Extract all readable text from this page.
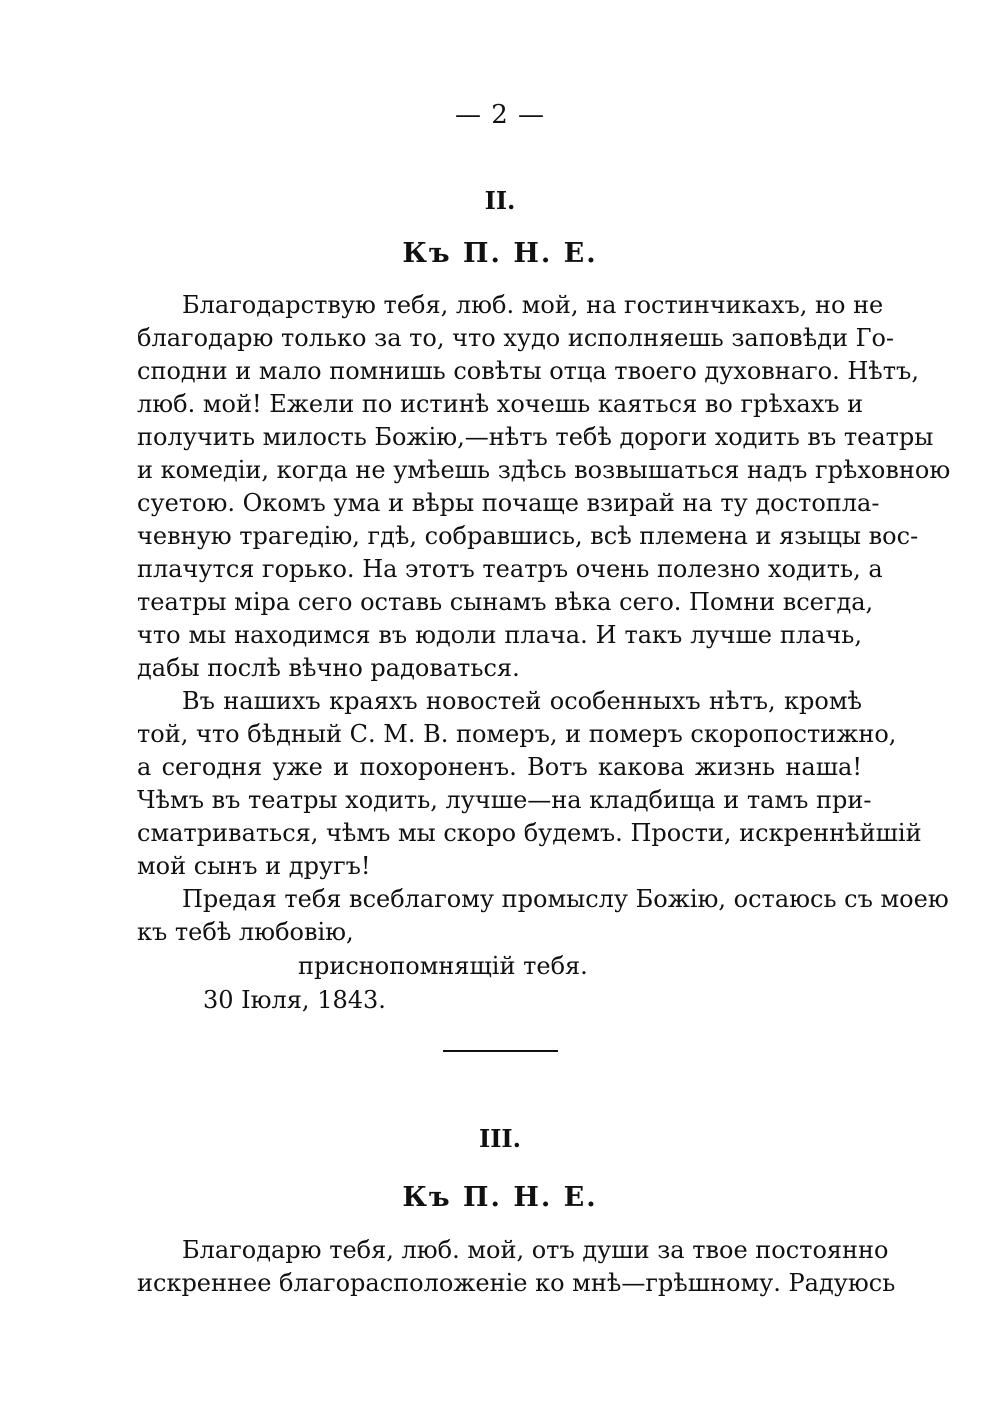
— 2 —
II.
Къ П. Н. Е.
Благодарствую тебя, люб. мой, на гостинчикахъ, но не
благодарю только за то, что худо исполняешь заповѣди Го-
сподни и мало помнишь совѣты отца твоего духовнаго. Нѣтъ,
люб. мой! Ежели по истинѣ хочешь каяться во грѣхахъ и
получить милость Божію,—нѣтъ тебѣ дороги ходить въ театры
и комедіи, когда не умѣешь здѣсь возвышаться надъ грѣховною
суетою. Окомъ ума и вѣры почаще взирай на ту достопла-
чевную трагедію, гдѣ, собравшись, всѣ племена и языцы вос-
плачутся горько. На этотъ театръ очень полезно ходить, а
театры міра сего оставь сынамъ вѣка сего. Помни всегда,
что мы находимся въ юдоли плача. И такъ лучше плачь,
дабы послѣ вѣчно радоваться.
Въ нашихъ краяхъ новостей особенныхъ нѣтъ, кромѣ
той, что бѣдный С. М. В. померъ, и померъ скоропостижно,
а сегодня уже и похороненъ. Вотъ какова жизнь наша!
Чѣмъ въ театры ходить, лучше—на кладбища и тамъ при-
сматриваться, чѣмъ мы скоро будемъ. Прости, искреннѣйшій
мой сынъ и другъ!
Предая тебя всеблагому промыслу Божію, остаюсь съ моею
къ тебѣ любовію,
приснопомнящій тебя.
30 Іюля, 1843.
III.
Къ П. Н. Е.
Благодарю тебя, люб. мой, отъ души за твое постоянно
искреннее благорасположеніе ко мнѣ—грѣшному. Радуюсь
